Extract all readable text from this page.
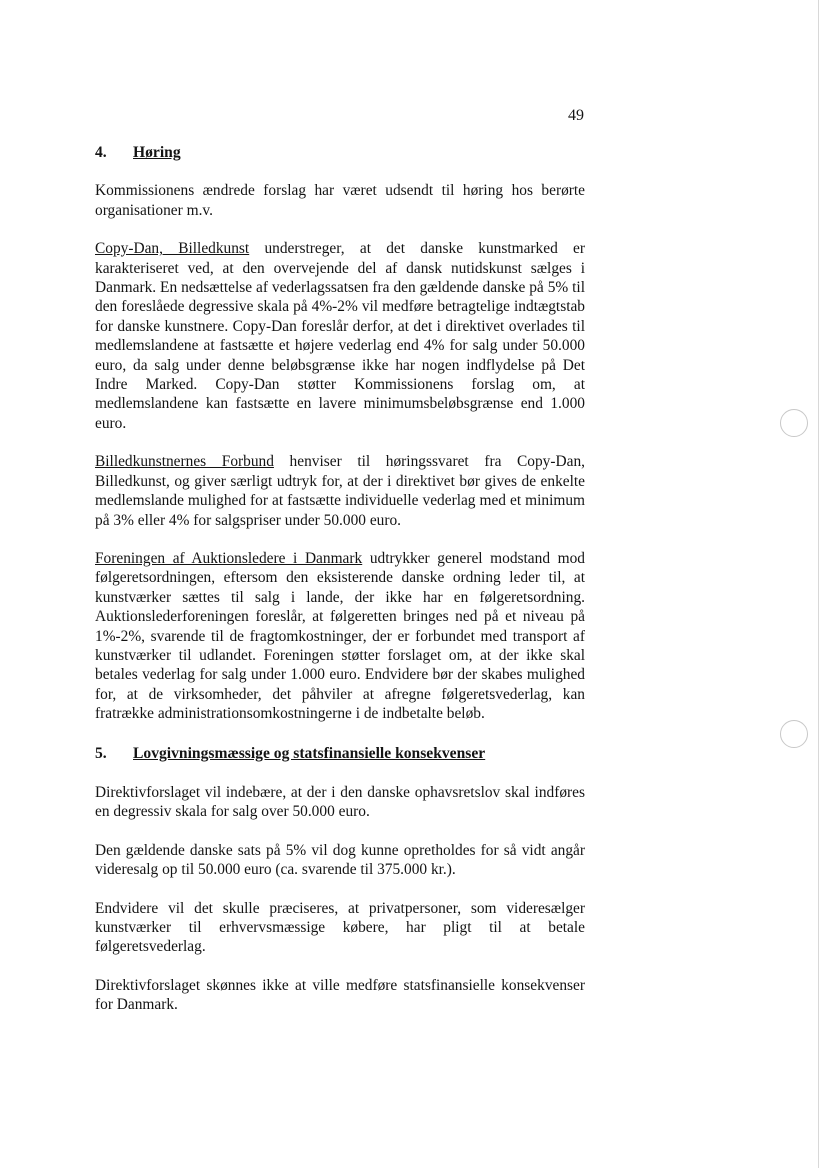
49
4.	Høring

Kommissionens ændrede forslag har været udsendt til høring hos berørte organisationer m.v.

Copy-Dan, Billedkunst understreger, at det danske kunstmarked er karakteriseret ved, at den overvejende del af dansk nutidskunst sælges i Danmark. En nedsættelse af vederlagssatsen fra den gældende danske på 5% til den foreslåede degressive skala på 4%-2% vil medføre betragtelige indtægtstab for danske kunstnere. Copy-Dan foreslår derfor, at det i direktivet overlades til medlemslandene at fastsætte et højere vederlag end 4% for salg under 50.000 euro, da salg under denne beløbsgrænse ikke har nogen indflydelse på Det Indre Marked. Copy-Dan støtter Kommissionens forslag om, at medlemslandene kan fastsætte en lavere minimumsbeløbsgrænse end 1.000 euro.

Billedkunstnernes Forbund henviser til høringssvaret fra Copy-Dan, Billedkunst, og giver særligt udtryk for, at der i direktivet bør gives de enkelte medlemslande mulighed for at fastsætte individuelle vederlag med et minimum på 3% eller 4% for salgspriser under 50.000 euro.

Foreningen af Auktionsledere i Danmark udtrykker generel modstand mod følgeretsordningen, eftersom den eksisterende danske ordning leder til, at kunstværker sættes til salg i lande, der ikke har en følgeretsordning. Auktionslederforeningen foreslår, at følgeretten bringes ned på et niveau på 1%-2%, svarende til de fragtomkostninger, der er forbundet med transport af kunstværker til udlandet. Foreningen støtter forslaget om, at der ikke skal betales vederlag for salg under 1.000 euro. Endvidere bør der skabes mulighed for, at de virksomheder, det påhviler at afregne følgeretsvederlag, kan fratrække administrationsomkostningerne i de indbetalte beløb.

5.	Lovgivningsmæssige og statsfinansielle konsekvenser

Direktivforslaget vil indebære, at der i den danske ophavsretslov skal indføres en degressiv skala for salg over 50.000 euro.

Den gældende danske sats på 5% vil dog kunne opretholdes for så vidt angår videresalg op til 50.000 euro (ca. svarende til 375.000 kr.).

Endvidere vil det skulle præciseres, at privatpersoner, som videresælger kunstværker til erhvervsmæssige købere, har pligt til at betale følgeretsvederlag.

Direktivforslaget skønnes ikke at ville medføre statsfinansielle konsekvenser for Danmark.
